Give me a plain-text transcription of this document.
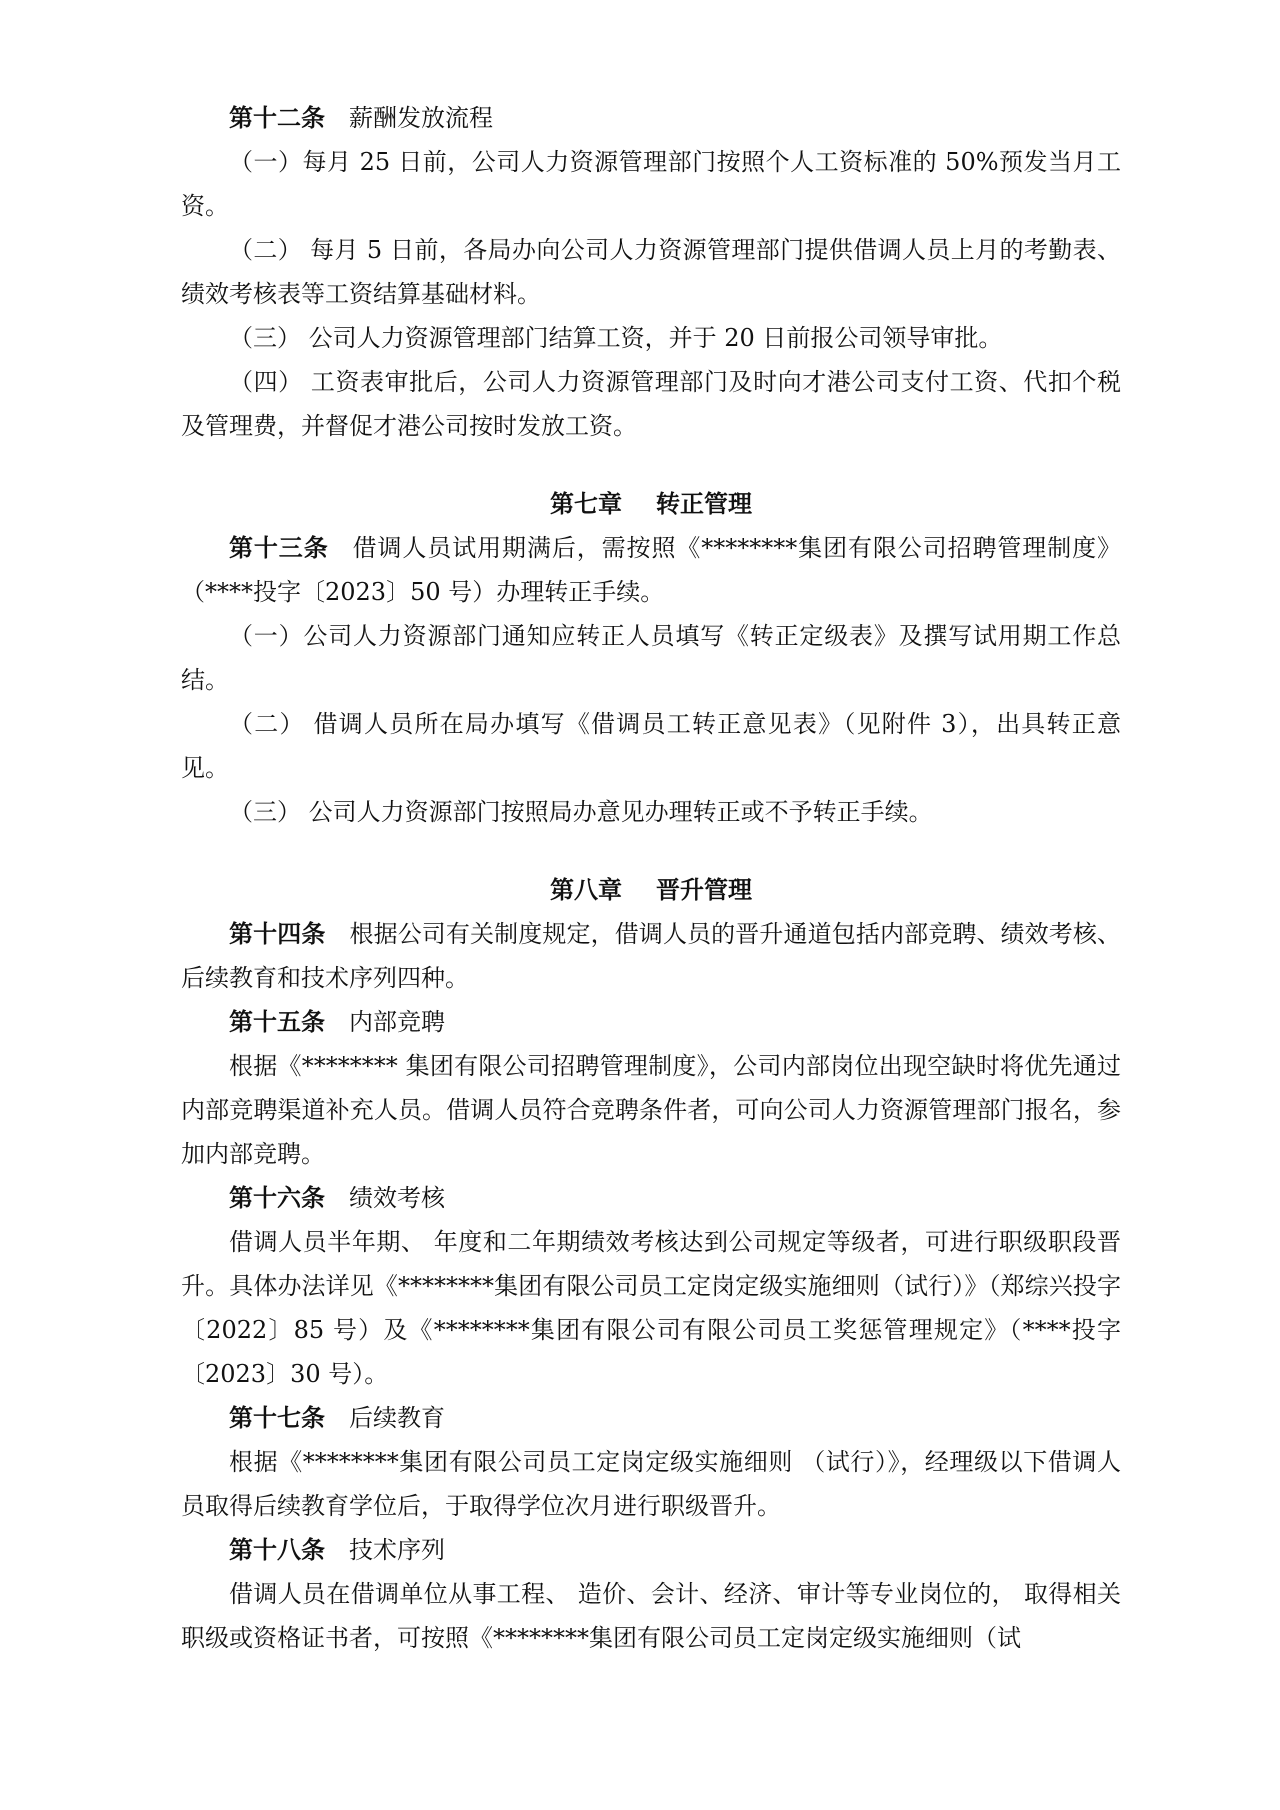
第十二条 薪酬发放流程

（一）每月 25 日前，公司人力资源管理部门按照个人工资标准的 50%预发当月工资。

（二） 每月 5 日前，各局办向公司人力资源管理部门提供借调人员上月的考勤表、绩效考核表等工资结算基础材料。

（三） 公司人力资源管理部门结算工资，并于 20 日前报公司领导审批。

（四） 工资表审批后，公司人力资源管理部门及时向才港公司支付工资、代扣个税及管理费，并督促才港公司按时发放工资。

第七章 转正管理

第十三条 借调人员试用期满后，需按照《********集团有限公司招聘管理制度》（****投字〔2023〕50 号）办理转正手续。

（一）公司人力资源部门通知应转正人员填写《转正定级表》及撰写试用期工作总结。

（二） 借调人员所在局办填写《借调员工转正意见表》（见附件 3），出具转正意见。

（三） 公司人力资源部门按照局办意见办理转正或不予转正手续。

第八章 晋升管理

第十四条 根据公司有关制度规定，借调人员的晋升通道包括内部竞聘、绩效考核、后续教育和技术序列四种。

第十五条 内部竞聘

根据《******** 集团有限公司招聘管理制度》，公司内部岗位出现空缺时将优先通过内部竞聘渠道补充人员。借调人员符合竞聘条件者，可向公司人力资源管理部门报名，参加内部竞聘。

第十六条 绩效考核

借调人员半年期、 年度和二年期绩效考核达到公司规定等级者，可进行职级职段晋升。具体办法详见《********集团有限公司员工定岗定级实施细则（试行）》（郑综兴投字〔2022〕85 号）及《********集团有限公司有限公司员工奖惩管理规定》（****投字〔2023〕30 号）。

第十七条 后续教育

根据《********集团有限公司员工定岗定级实施细则 （试行）》，经理级以下借调人员取得后续教育学位后，于取得学位次月进行职级晋升。

第十八条 技术序列

借调人员在借调单位从事工程、 造价、会计、经济、审计等专业岗位的， 取得相关职级或资格证书者，可按照《********集团有限公司员工定岗定级实施细则（试
